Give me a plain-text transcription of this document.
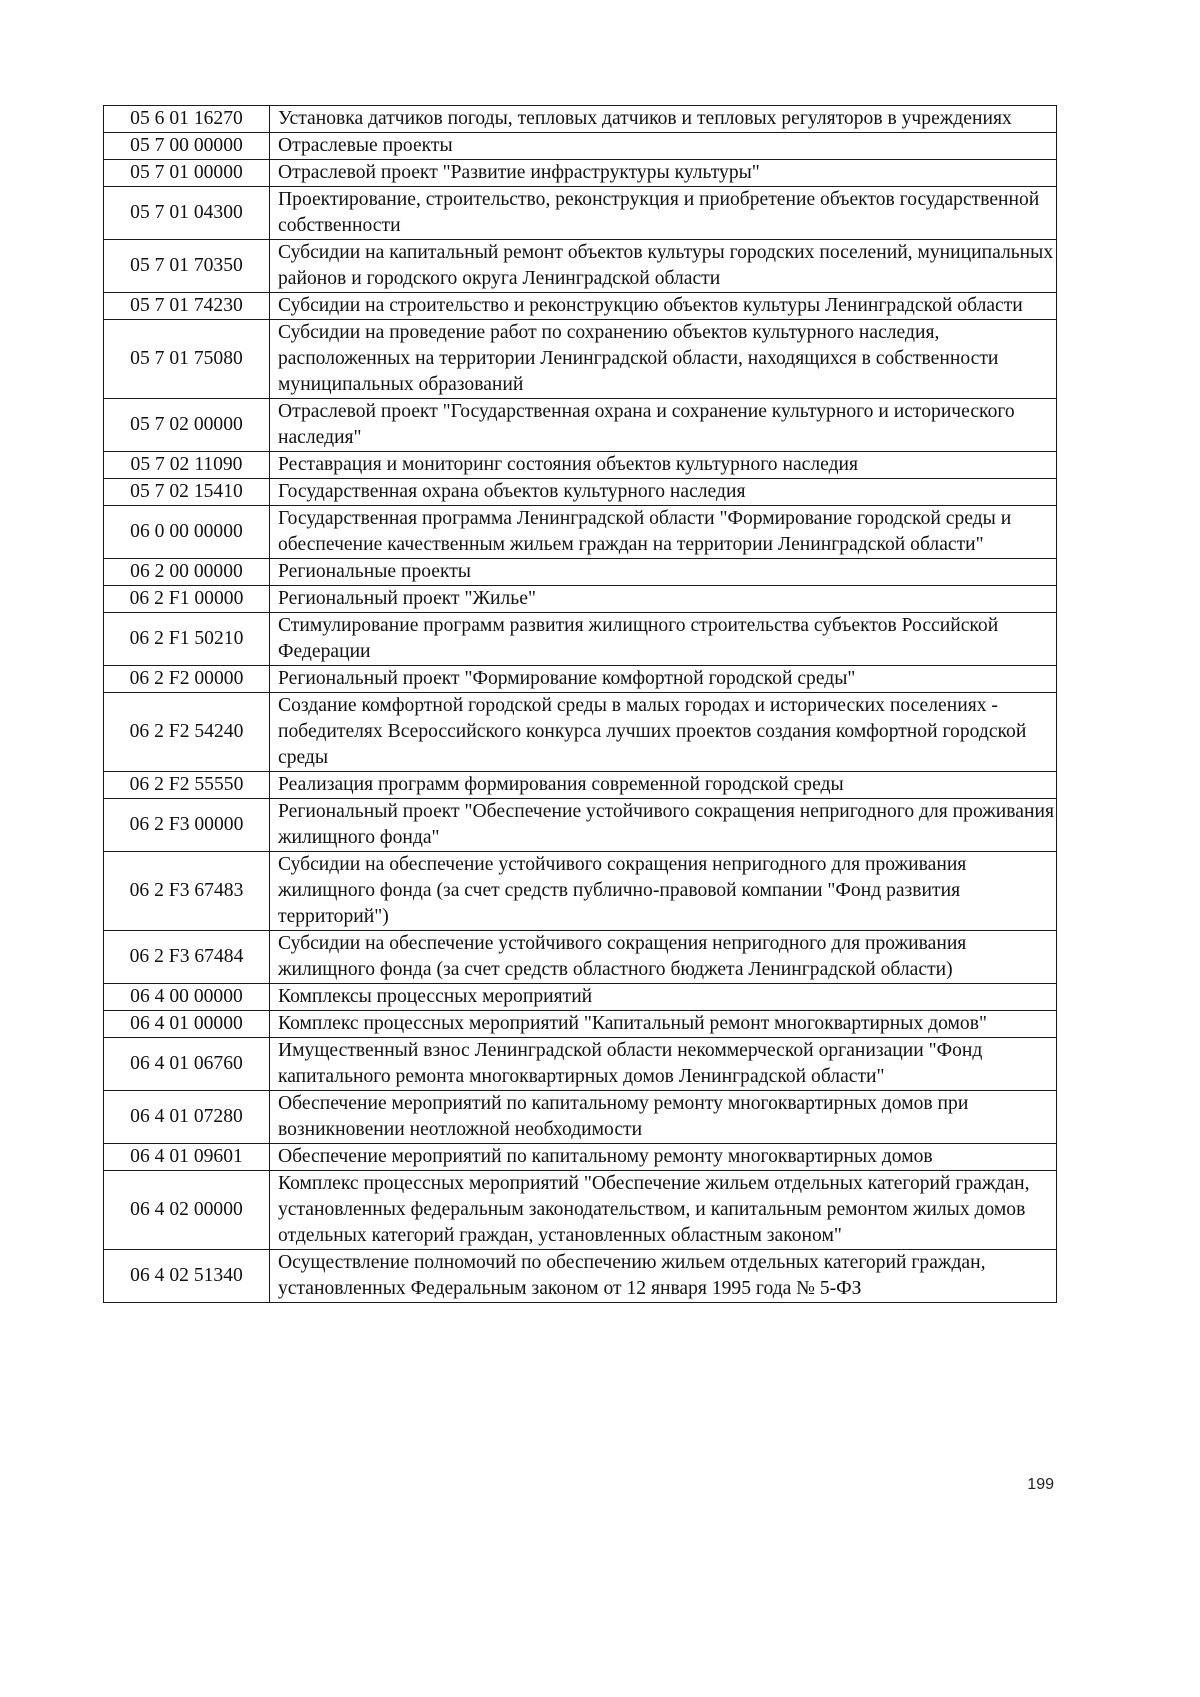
05 6 01 16270	Установка датчиков погоды, тепловых датчиков и тепловых регуляторов в учреждениях
05 7 00 00000	Отраслевые проекты
05 7 01 00000	Отраслевой проект "Развитие инфраструктуры культуры"
05 7 01 04300	Проектирование, строительство, реконструкция и приобретение объектов государственной собственности
05 7 01 70350	Субсидии на капитальный ремонт объектов культуры городских поселений, муниципальных районов и городского округа Ленинградской области
05 7 01 74230	Субсидии на строительство и реконструкцию объектов культуры Ленинградской области
05 7 01 75080	Субсидии на проведение работ по сохранению объектов культурного наследия, расположенных на территории Ленинградской области, находящихся в собственности муниципальных образований
05 7 02 00000	Отраслевой проект "Государственная охрана и сохранение культурного и исторического наследия"
05 7 02 11090	Реставрация и мониторинг состояния объектов культурного наследия
05 7 02 15410	Государственная охрана объектов культурного наследия
06 0 00 00000	Государственная программа Ленинградской области "Формирование городской среды и обеспечение качественным жильем граждан на территории Ленинградской области"
06 2 00 00000	Региональные проекты
06 2 F1 00000	Региональный проект "Жилье"
06 2 F1 50210	Стимулирование программ развития жилищного строительства субъектов Российской Федерации
06 2 F2 00000	Региональный проект "Формирование комфортной городской среды"
06 2 F2 54240	Создание комфортной городской среды в малых городах и исторических поселениях - победителях Всероссийского конкурса лучших проектов создания комфортной городской среды
06 2 F2 55550	Реализация программ формирования современной городской среды
06 2 F3 00000	Региональный проект "Обеспечение устойчивого сокращения непригодного для проживания жилищного фонда"
06 2 F3 67483	Субсидии на обеспечение устойчивого сокращения непригодного для проживания жилищного фонда (за счет средств публично-правовой компании "Фонд развития территорий")
06 2 F3 67484	Субсидии на обеспечение устойчивого сокращения непригодного для проживания жилищного фонда (за счет средств областного бюджета Ленинградской области)
06 4 00 00000	Комплексы процессных мероприятий
06 4 01 00000	Комплекс процессных мероприятий "Капитальный ремонт многоквартирных домов"
06 4 01 06760	Имущественный взнос Ленинградской области некоммерческой организации "Фонд капитального ремонта многоквартирных домов Ленинградской области"
06 4 01 07280	Обеспечение мероприятий по капитальному ремонту многоквартирных домов при возникновении неотложной необходимости
06 4 01 09601	Обеспечение мероприятий по капитальному ремонту многоквартирных домов
06 4 02 00000	Комплекс процессных мероприятий "Обеспечение жильем отдельных категорий граждан, установленных федеральным законодательством, и капитальным ремонтом жилых домов отдельных категорий граждан, установленных областным законом"
06 4 02 51340	Осуществление полномочий по обеспечению жильем отдельных категорий граждан, установленных Федеральным законом от 12 января 1995 года № 5-ФЗ
199
